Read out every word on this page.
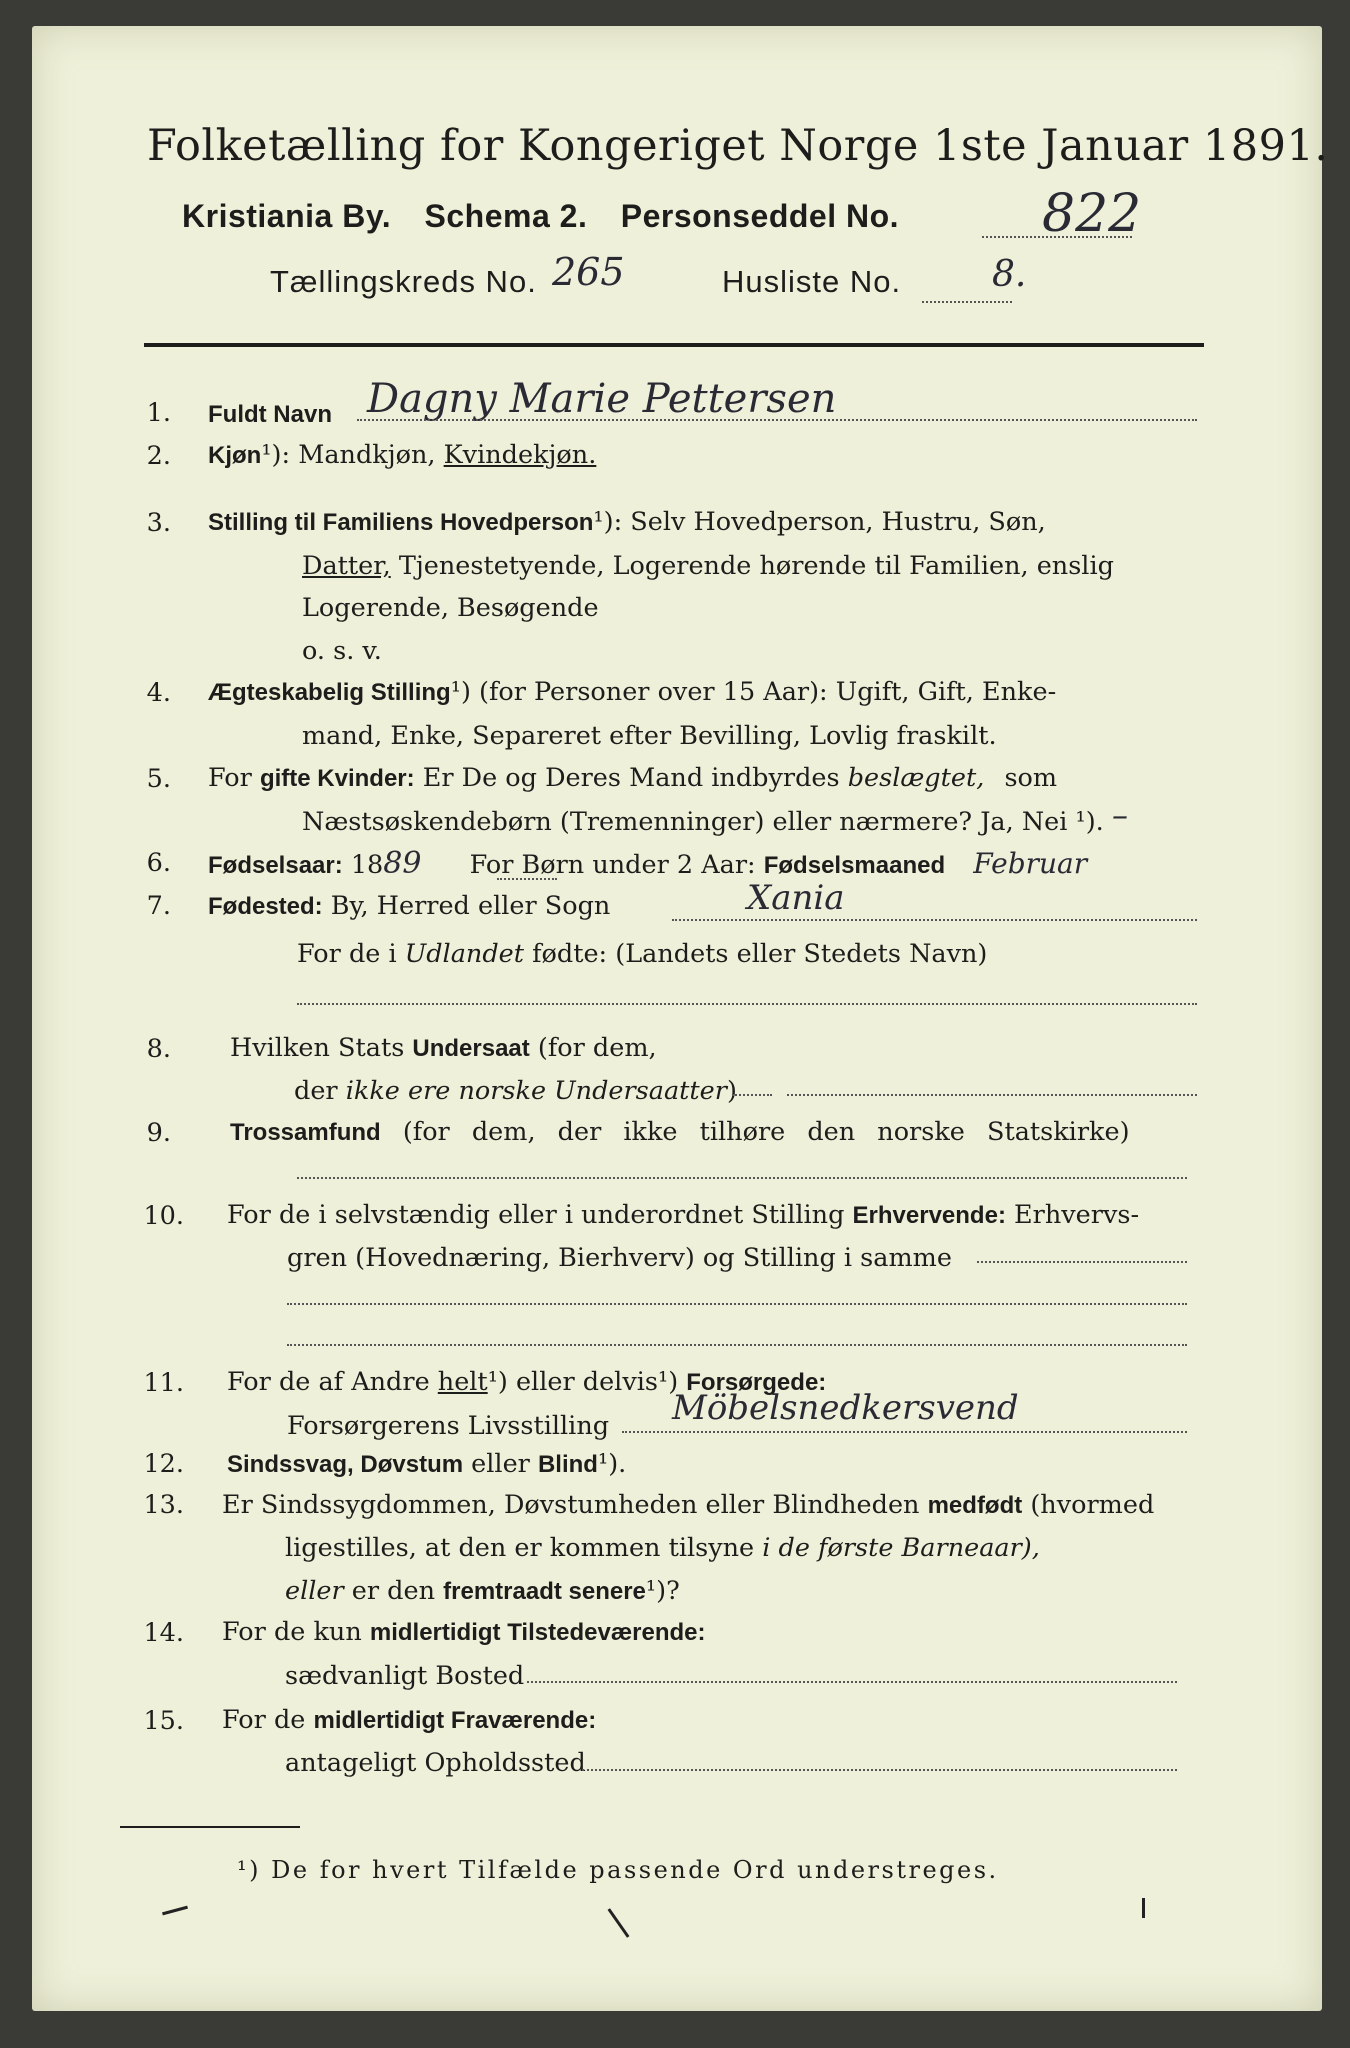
Folketælling for Kongeriget Norge 1ste Januar 1891.
Kristiania By. Schema 2. Personseddel No.	822
Tællingskreds No. 265	Husliste No.	8.
1. Fuldt Navn Dagny Marie Pettersen
2. Kjøn¹): Mandkjøn, Kvindekjøn.
3. Stilling til Familiens Hovedperson¹): Selv Hovedperson, Hustru, Søn,
Datter, Tjenestetyende, Logerende hørende til Familien, enslig
Logerende, Besøgende
o. s. v.
4. Ægteskabelig Stilling¹) (for Personer over 15 Aar): Ugift, Gift, Enke-
mand, Enke, Separeret efter Bevilling, Lovlig fraskilt.
5. For gifte Kvinder: Er De og Deres Mand indbyrdes beslægtet, som
Næstsøskendebørn (Tremenninger) eller nærmere? Ja, Nei ¹). –
6. Fødselsaar: 1889 For Børn under 2 Aar: Fødselsmaaned Februar
7. Fødested: By, Herred eller Sogn	Xania
For de i Udlandet fødte: (Landets eller Stedets Navn)
8. Hvilken Stats Undersaat (for dem,
der ikke ere norske Undersaatter)
9. Trossamfund (for dem, der ikke tilhøre den norske Statskirke)
10. For de i selvstændig eller i underordnet Stilling Erhvervende: Erhvervs-
gren (Hovednæring, Bierhverv) og Stilling i samme
11. For de af Andre helt¹) eller delvis¹) Forsørgede:
Forsørgerens Livsstilling Möbelsnedkersvend
12. Sindssvag, Døvstum eller Blind¹).
13. Er Sindssygdommen, Døvstumheden eller Blindheden medfødt (hvormed
ligestilles, at den er kommen tilsyne i de første Barneaar),
eller er den fremtraadt senere¹)?
14. For de kun midlertidigt Tilstedeværende:
sædvanligt Bosted
15. For de midlertidigt Fraværende:
antageligt Opholdssted
¹) De for hvert Tilfælde passende Ord understreges.
